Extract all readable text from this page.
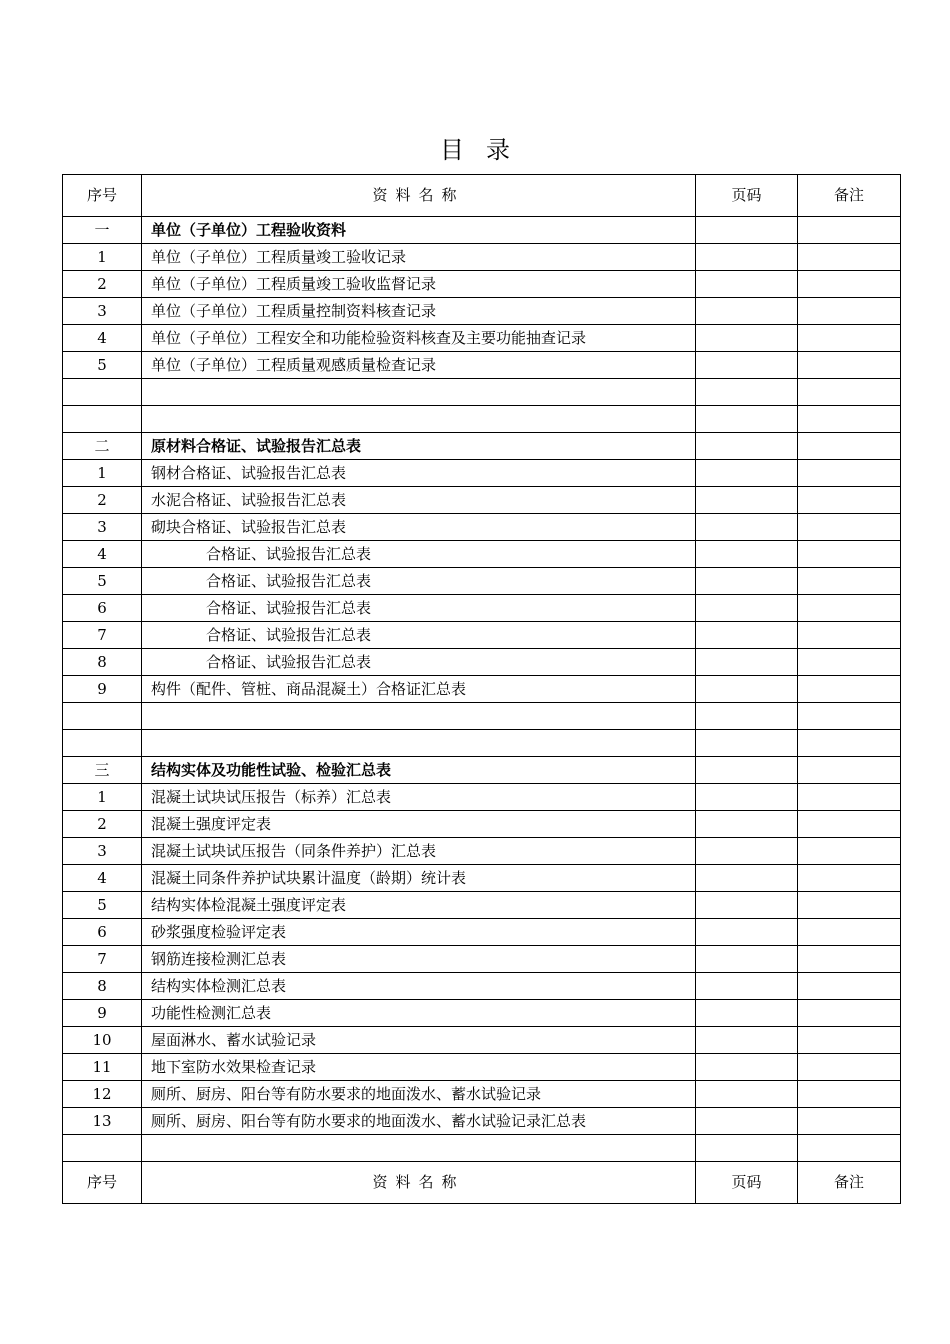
目录
序号	资料名称	页码	备注
一	单位（子单位）工程验收资料		
1	单位（子单位）工程质量竣工验收记录		
2	单位（子单位）工程质量竣工验收监督记录		
3	单位（子单位）工程质量控制资料核查记录		
4	单位（子单位）工程安全和功能检验资料核查及主要功能抽查记录		
5	单位（子单位）工程质量观感质量检查记录		

二	原材料合格证、试验报告汇总表		
1	钢材合格证、试验报告汇总表		
2	水泥合格证、试验报告汇总表		
3	砌块合格证、试验报告汇总表		
4	合格证、试验报告汇总表		
5	合格证、试验报告汇总表		
6	合格证、试验报告汇总表		
7	合格证、试验报告汇总表		
8	合格证、试验报告汇总表		
9	构件（配件、管桩、商品混凝土）合格证汇总表		

三	结构实体及功能性试验、检验汇总表		
1	混凝土试块试压报告（标养）汇总表		
2	混凝土强度评定表		
3	混凝土试块试压报告（同条件养护）汇总表		
4	混凝土同条件养护试块累计温度（龄期）统计表		
5	结构实体检混凝土强度评定表		
6	砂浆强度检验评定表		
7	钢筋连接检测汇总表		
8	结构实体检测汇总表		
9	功能性检测汇总表		
10	屋面淋水、蓄水试验记录		
11	地下室防水效果检查记录		
12	厕所、厨房、阳台等有防水要求的地面泼水、蓄水试验记录		
13	厕所、厨房、阳台等有防水要求的地面泼水、蓄水试验记录汇总表		

序号	资料名称	页码	备注
